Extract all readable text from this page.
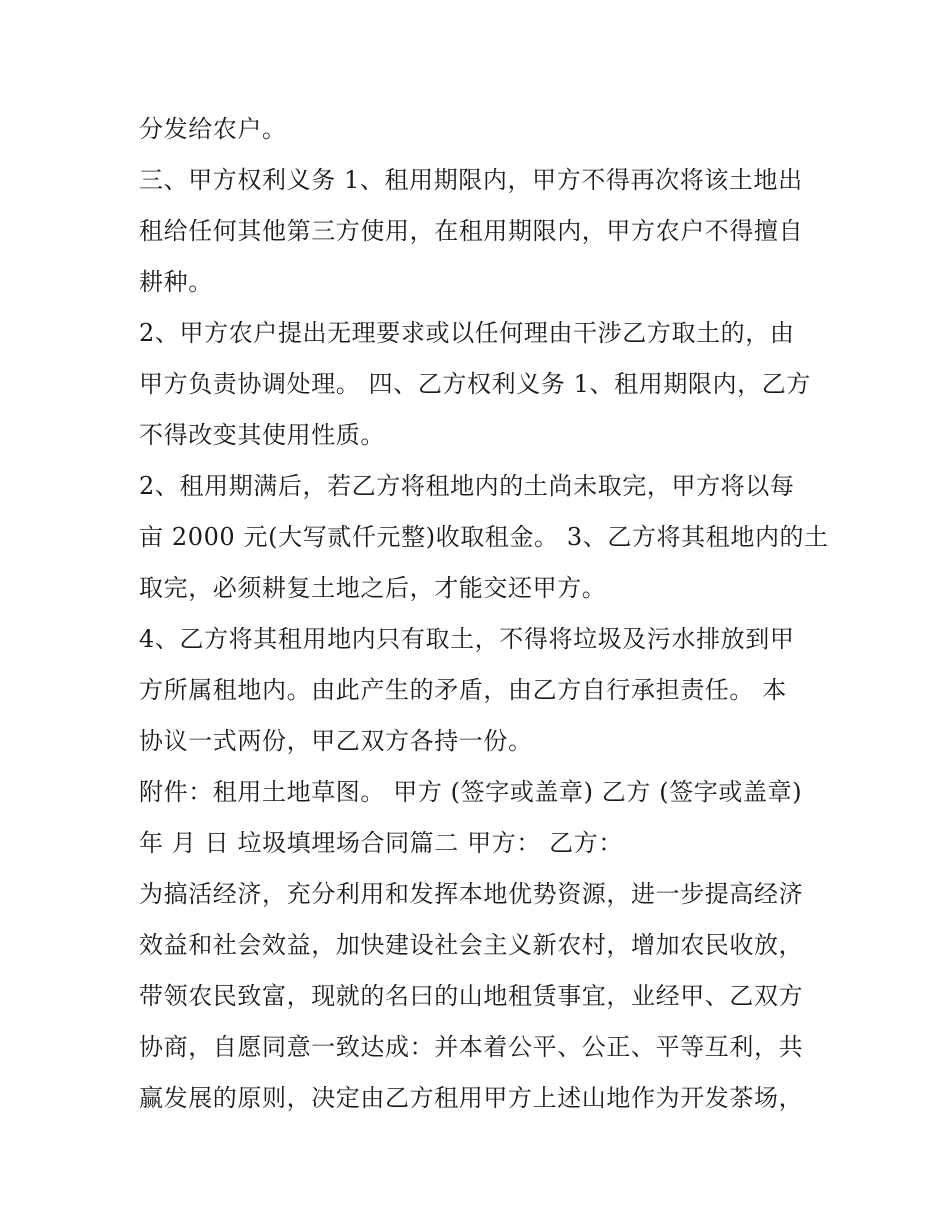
分发给农户。
三、甲方权利义务 1、租用期限内，甲方不得再次将该土地出
租给任何其他第三方使用，在租用期限内，甲方农户不得擅自
耕种。
2、甲方农户提出无理要求或以任何理由干涉乙方取土的，由
甲方负责协调处理。 四、乙方权利义务 1、租用期限内，乙方
不得改变其使用性质。
2、租用期满后，若乙方将租地内的土尚未取完，甲方将以每
亩 2000 元(大写贰仟元整)收取租金。 3、乙方将其租地内的土
取完，必须耕复土地之后，才能交还甲方。
4、乙方将其租用地内只有取土，不得将垃圾及污水排放到甲
方所属租地内。由此产生的矛盾，由乙方自行承担责任。 本
协议一式两份，甲乙双方各持一份。
附件：租用土地草图。 甲方 (签字或盖章) 乙方 (签字或盖章)
年 月 日 垃圾填埋场合同篇二 甲方： 乙方：
为搞活经济，充分利用和发挥本地优势资源，进一步提高经济
效益和社会效益，加快建设社会主义新农村，增加农民收放，
带领农民致富，现就的名曰的山地租赁事宜，业经甲、乙双方
协商，自愿同意一致达成：并本着公平、公正、平等互利，共
赢发展的原则，决定由乙方租用甲方上述山地作为开发茶场，
